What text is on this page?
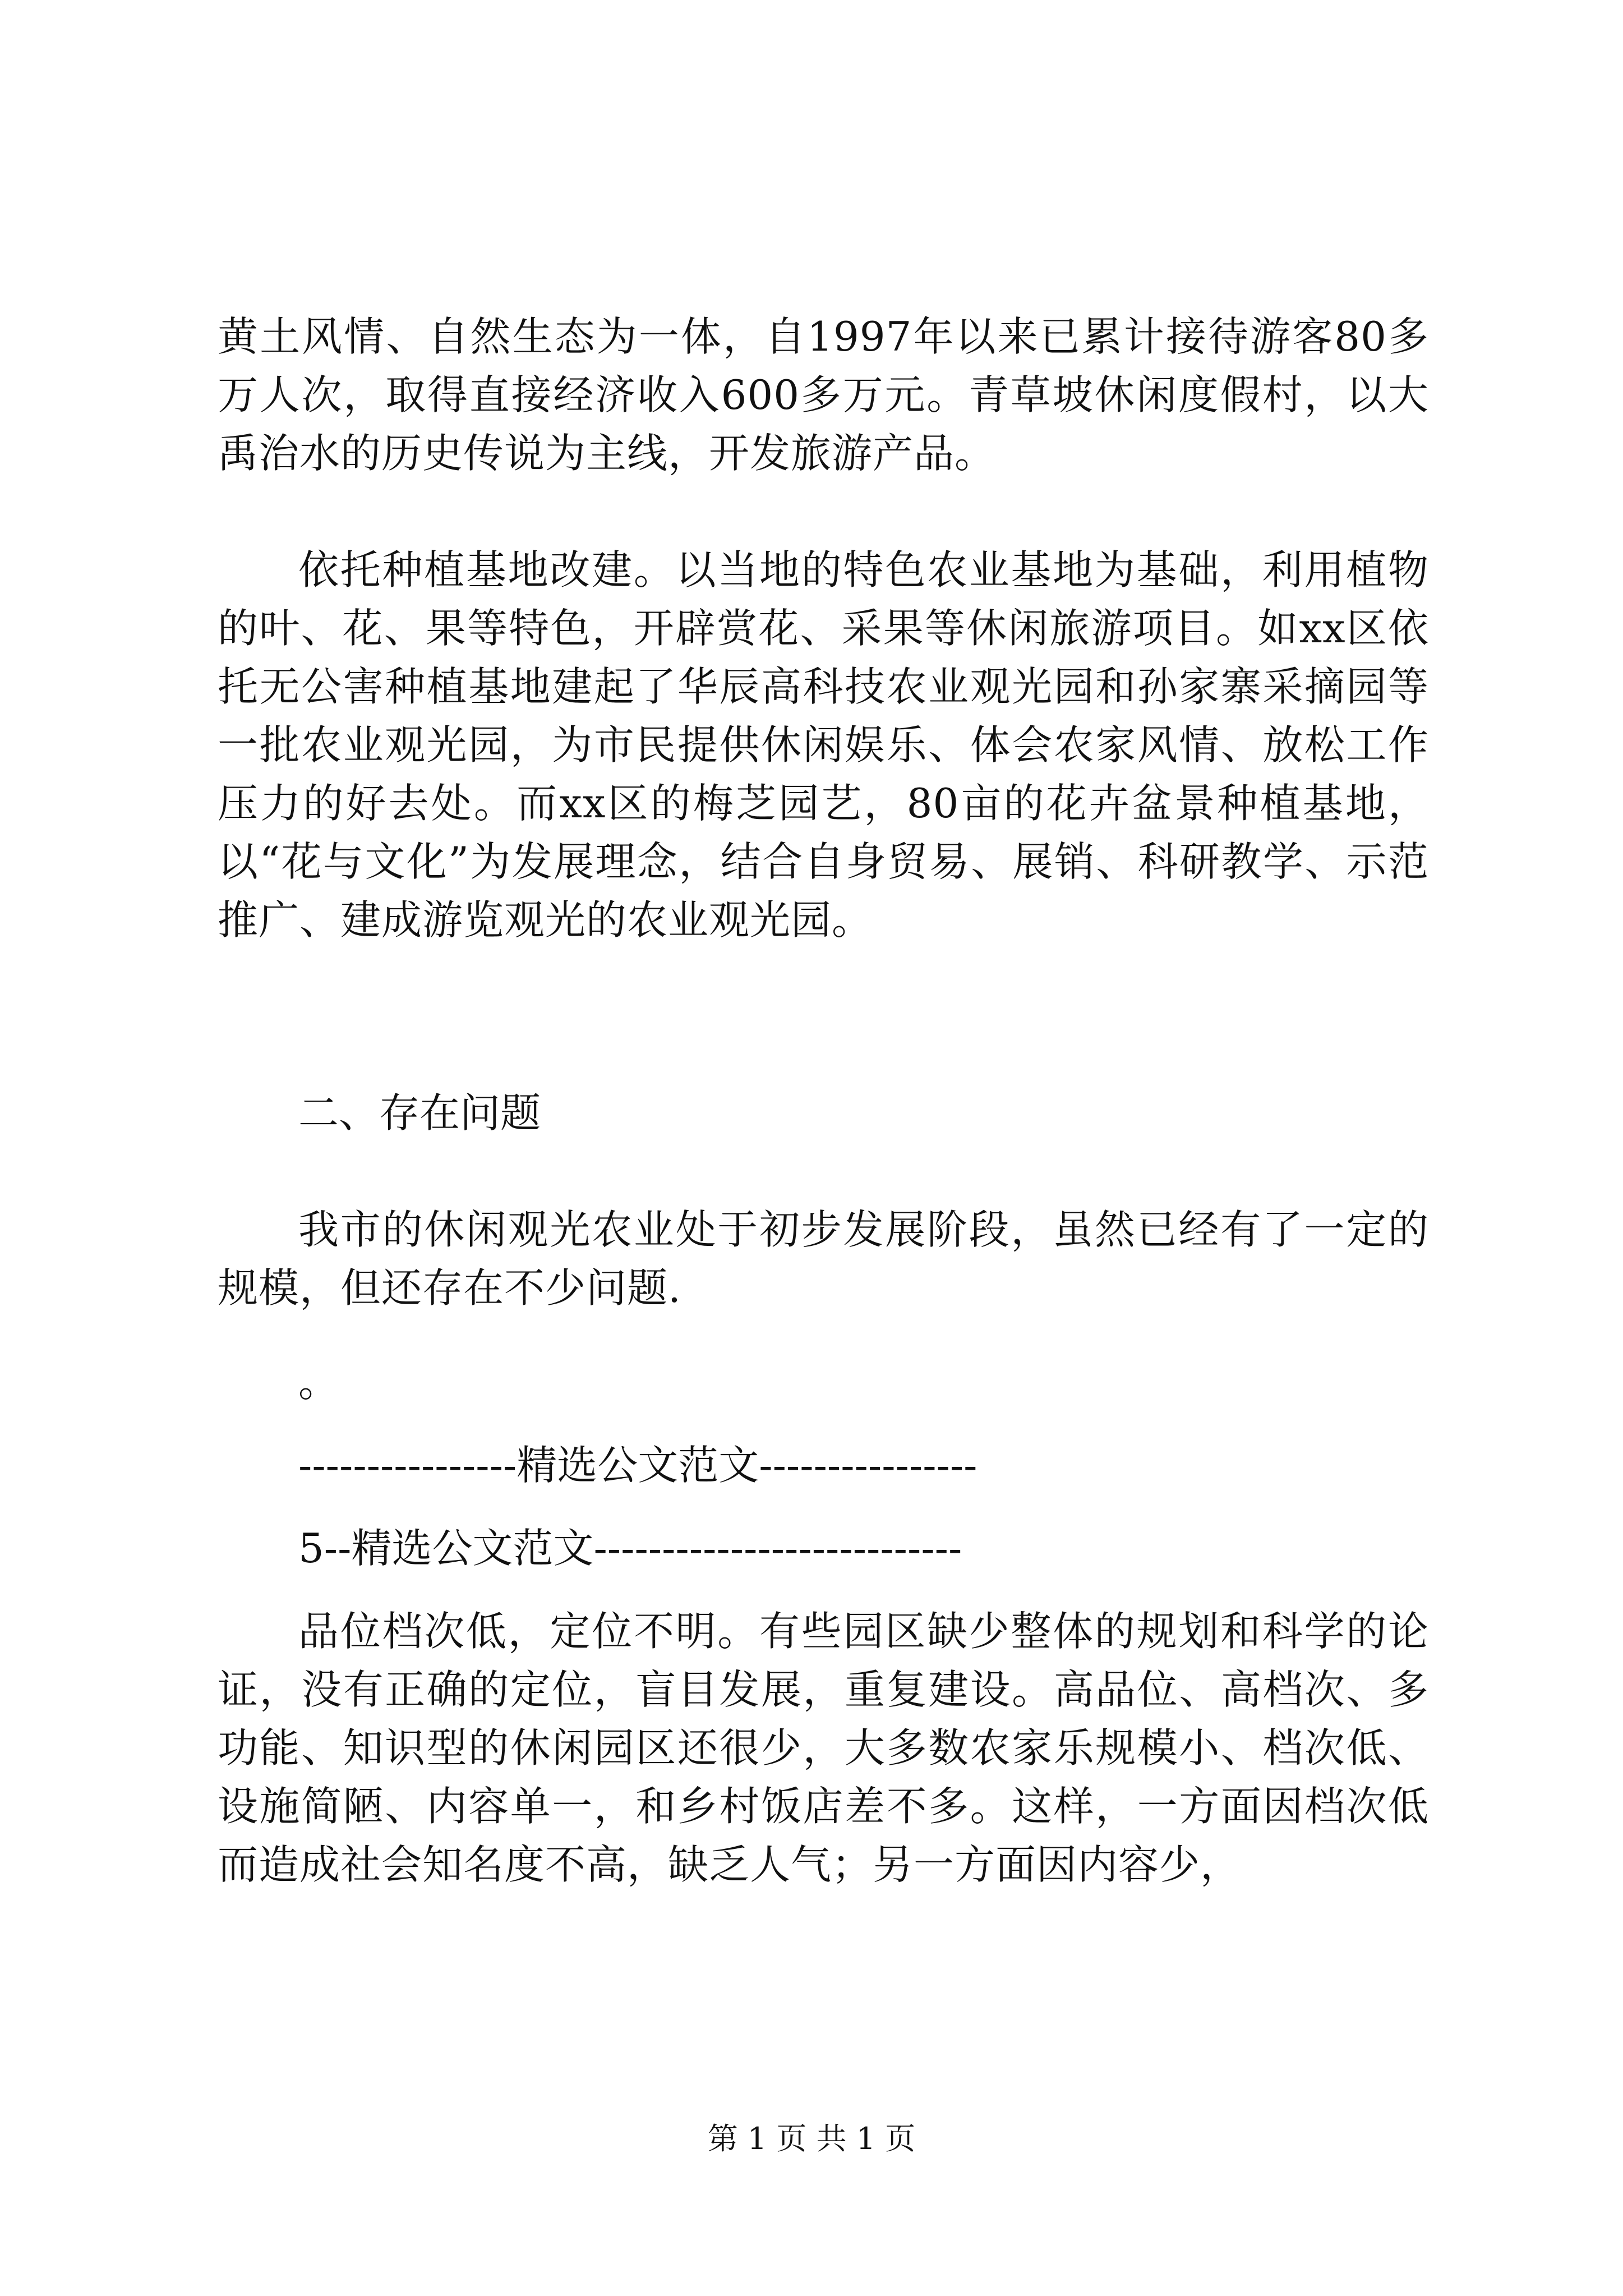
黄土风情、自然生态为一体，自1997年以来已累计接待游客80多万人次，取得直接经济收入600多万元。青草坡休闲度假村，以大禹治水的历史传说为主线，开发旅游产品。

依托种植基地改建。以当地的特色农业基地为基础，利用植物的叶、花、果等特色，开辟赏花、采果等休闲旅游项目。如xx区依托无公害种植基地建起了华辰高科技农业观光园和孙家寨采摘园等一批农业观光园，为市民提供休闲娱乐、体会农家风情、放松工作压力的好去处。而xx区的梅芝园艺，80亩的花卉盆景种植基地，以“花与文化”为发展理念，结合自身贸易、展销、科研教学、示范推广、建成游览观光的农业观光园。

二、存在问题

我市的休闲观光农业处于初步发展阶段，虽然已经有了一定的规模，但还存在不少问题.

。

----------------精选公文范文----------------

5--精选公文范文---------------------------

品位档次低，定位不明。有些园区缺少整体的规划和科学的论证，没有正确的定位，盲目发展，重复建设。高品位、高档次、多功能、知识型的休闲园区还很少，大多数农家乐规模小、档次低、设施简陋、内容单一，和乡村饭店差不多。这样，一方面因档次低而造成社会知名度不高，缺乏人气；另一方面因内容少，

第 1 页 共 1 页
